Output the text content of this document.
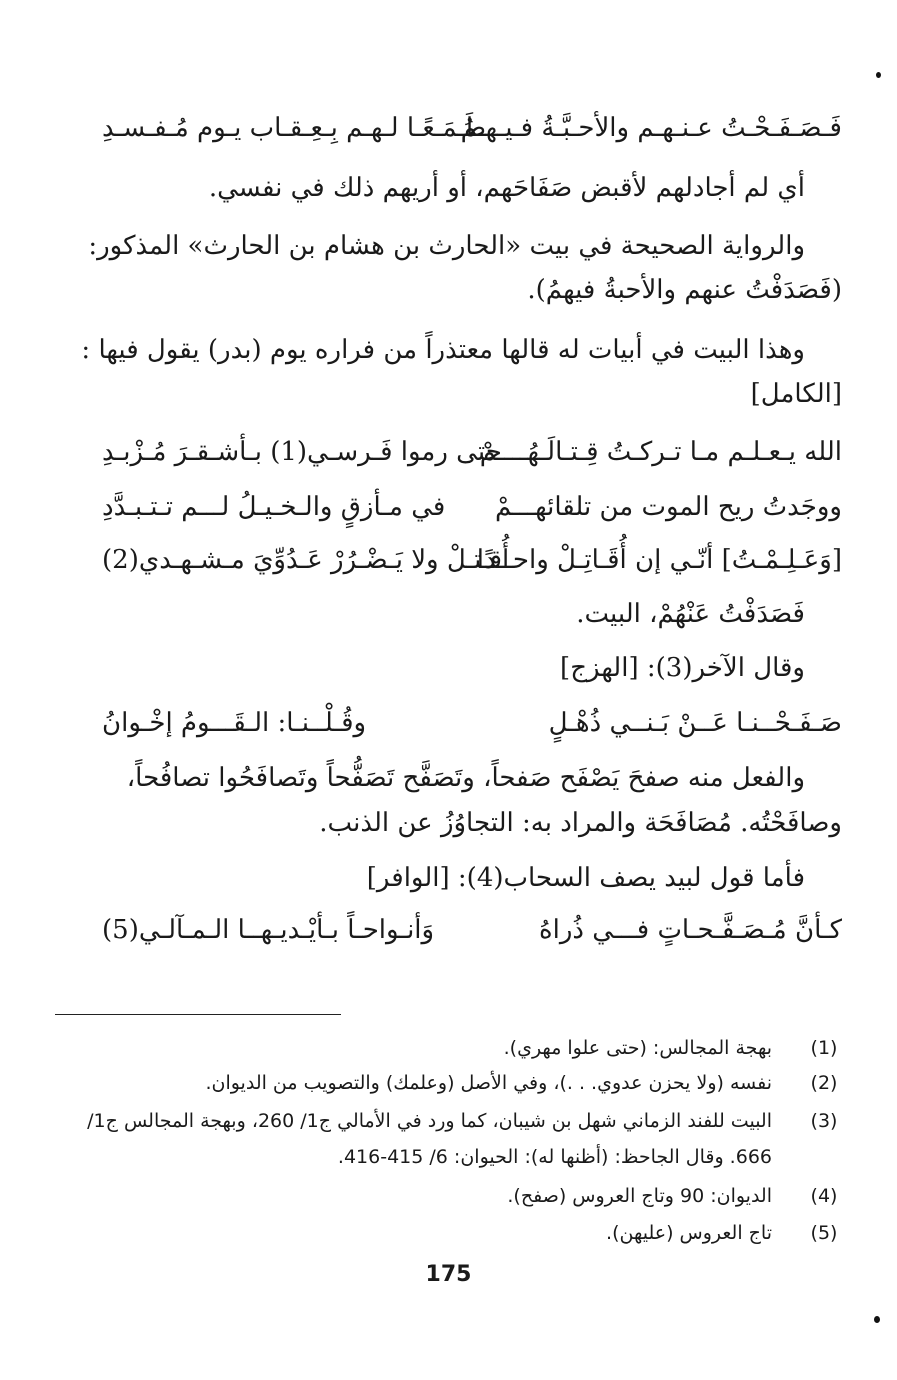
فَـصَـفَـحْـتُ عـنـهـم والأحـبَّـةُ فـيـهـمُ
طَـمَـعًـا لـهـم بِـعِـقـاب يـوم مُـفـسـدِ
أي لم أجادلهم لأقبض صَفَاحَهم، أو أريهم ذلك في نفسي.
والرواية الصحيحة في بيت «الحارث بن هشام بن الحارث» المذكور:
(فَصَدَفْتُ عنهم والأحبةُ فيهمُ).
وهذا البيت في أبيات له قالها معتذراً من فراره يوم (بدر) يقول فيها :
[الكامل]
الله يـعـلـم مـا تـركـتُ قِـتـالَـهُــــمْ
حتى رموا فَـرسـي(1) بـأشـقـرَ مُـزْبـدِ
ووجَدتُ ريح الموت من تلقائهـــمْ
في مـأزقٍ والـخـيـلُ لـــم تـتـبـدَّدِ
[وَعَـلِـمْـتُ] أنّـي إن أُقَـاتِـلْ واحــدًا
أُقـتـلْ ولا يَـضْـرُرْ عَـدُوِّيَ مـشـهـدي(2)
فَصَدَفْتُ عَنْهُمْ، البيت.
وقال الآخر(3): [الهزج]
صَـفَـحْــنـا عَــنْ بَـنــي ذُهْـلٍ
وقُـلْــنـا: الـقَـــومُ إخْـوانُ
والفعل منه صفحَ يَصْفَح صَفحاً، وتَصَفَّح تَصَفُّحاً وتَصافَحُوا تصافُحاً،
وصافَحْتُه. مُصَافَحَة والمراد به: التجاوُزُ عن الذنب.
فأما قول لبيد يصف السحاب(4): [الوافر]
كـأنَّ مُـصَـفَّـحـاتٍ فـــي ذُراهُ
وَأنـواحـاً بـأيْـديـهــا الـمـآلـي(5)
(1)
بهجة المجالس: (حتى علوا مهري).
(2)
نفسه (ولا يحزن عدوي. . .)، وفي الأصل (وعلمك) والتصويب من الديوان.
(3)
البيت للفند الزماني شهل بن شيبان، كما ورد في الأمالي ج1/ 260، وبهجة المجالس ج1/
666. وقال الجاحظ: (أظنها له): الحيوان: 6/ 415-416.
(4)
الديوان: 90 وتاج العروس (صفح).
(5)
تاج العروس (عليهن).
175
